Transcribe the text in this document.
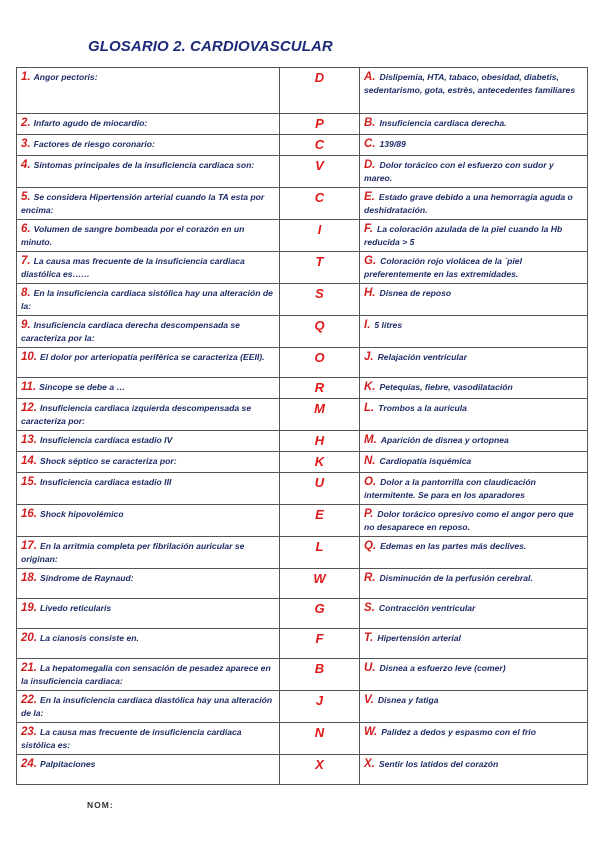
GLOSARIO 2. CARDIOVASCULAR
1. Angor pectoris:	D	A. Dislipemia, HTA, tabaco, obesidad, diabetis, sedentarismo, gota, estrès, antecedentes familiares
2. Infarto agudo de miocardio:	P	B. Insuficiencia cardiaca derecha.
3. Factores de riesgo coronario:	C	C. 139/89
4. Síntomas principales de la insuficiencia cardiaca son:	V	D. Dolor torácico con el esfuerzo con sudor y mareo.
5. Se considera Hipertensión arterial cuando la TA esta por encima:	C	E. Estado grave debido a una hemorragia aguda o deshidratación.
6. Volumen de sangre bombeada por el corazón en un minuto.	I	F. La coloración azulada de la piel cuando la Hb reducida > 5
7. La causa mas frecuente de la insuficiencia cardiaca diastólica es……	T	G. Coloración rojo violácea de la `piel preferentemente en las extremidades.
8. En la insuficiencia cardiaca sistólica hay una alteración de la:	S	H. Disnea de reposo
9. Insuficiencia cardiaca derecha descompensada se caracteriza por la:	Q	I. 5 litres
10. El dolor por arteriopatía periférica se caracteriza (EEII).	O	J. Relajación ventricular
11. Sincope se debe a …	R	K. Petequias, fiebre, vasodilatación
12. Insuficiencia cardiaca izquierda descompensada se caracteriza por:	M	L. Trombos a la aurícula
13. Insuficiencia cardíaca estadio IV	H	M. Aparición de disnea y ortopnea
14. Shock séptico se caracteriza por:	K	N. Cardiopatía isquémica
15. Insuficiencia cardiaca estadio III	U	O. Dolor a la pantorrilla con claudicación intermitente. Se para en los aparadores
16. Shock hipovolémico	E	P. Dolor torácico opresivo como el angor pero que no desaparece en reposo.
17. En la arritmia completa per fibrilación auricular se originan:	L	Q. Edemas en las partes más declives.
18. Síndrome de Raynaud:	W	R. Disminución de la perfusión cerebral.
19. Livedo reticularis	G	S. Contracción ventricular
20. La cianosis consiste en.	F	T. Hipertensión arterial
21. La hepatomegalia con sensación de pesadez aparece en la insuficiencia cardiaca:	B	U. Disnea a esfuerzo leve (comer)
22. En la insuficiencia cardiaca diastólica hay una alteración de la:	J	V. Disnea y fatiga
23. La causa mas frecuente de insuficiencia cardiaca sistólica es:	N	W. Palidez a dedos y espasmo con el frio
24. Palpitaciones	X	X. Sentir los latidos del corazón
NOM:
